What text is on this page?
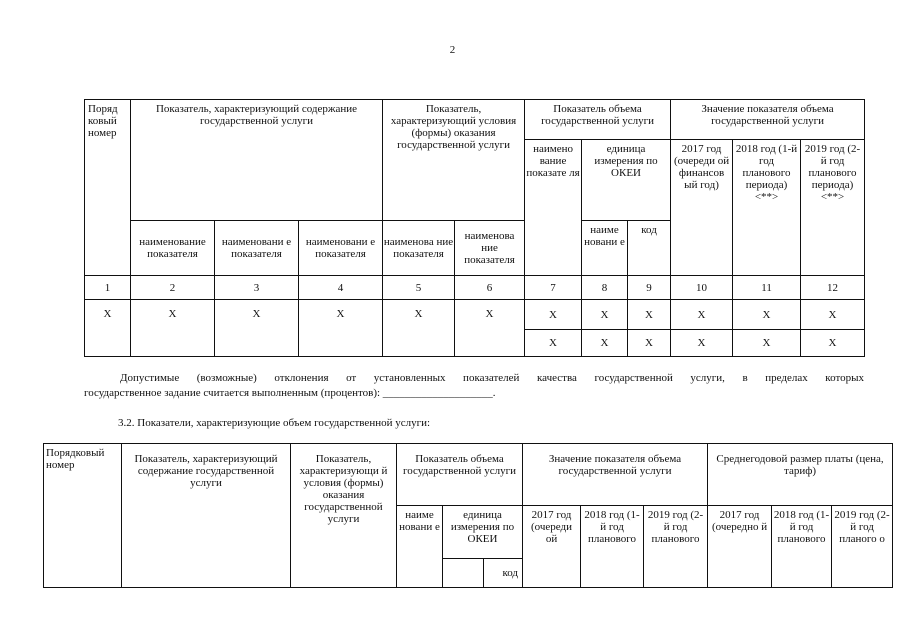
2
Поряд ковый номер	Показатель, характеризующий содержание государственной услуги			Показатель, характеризующий условия (формы) оказания государственной услуги		Показатель объема государственной услуги			Значение показателя объема государственной услуги		
						наимено вание показате ля	единица измерения по ОКЕИ		2017 год (очереди ой финансов ый год)	2018 год (1-й год планового периода) <**>	2019 год (2-й год планового периода) <**>
	наименование показателя	наименовани е показателя	наименовани е показателя	наименова ние показателя	наименова ние показателя		наиме новани е	код			
1	2	3	4	5	6	7	8	9	10	11	12
X	X	X	X	X	X	X	X	X	X	X	X
						X	X	X	X	X	X
Допустимые (возможные) отклонения от установленных показателей качества государственной услуги, в пределах которых
государственное задание считается выполненным (процентов): ____________________.
3.2. Показатели, характеризующие объем государственной услуги:
Порядковый номер	Показатель, характеризующий содержание государственной услуги	Показатель, характеризующи й условия (формы) оказания государственной услуги	Показатель объема государственной услуги		Значение показателя объема государственной услуги			Среднегодовой размер платы (цена, тариф)		
			наиме новани е	единица измерения по ОКЕИ	2017 год (очереди ой	2018 год (1-й год планового	2019 год (2-й год планового	2017 год (очередно й	2018 год (1-й год планового	2019 год (2-й год планого о

				код						
